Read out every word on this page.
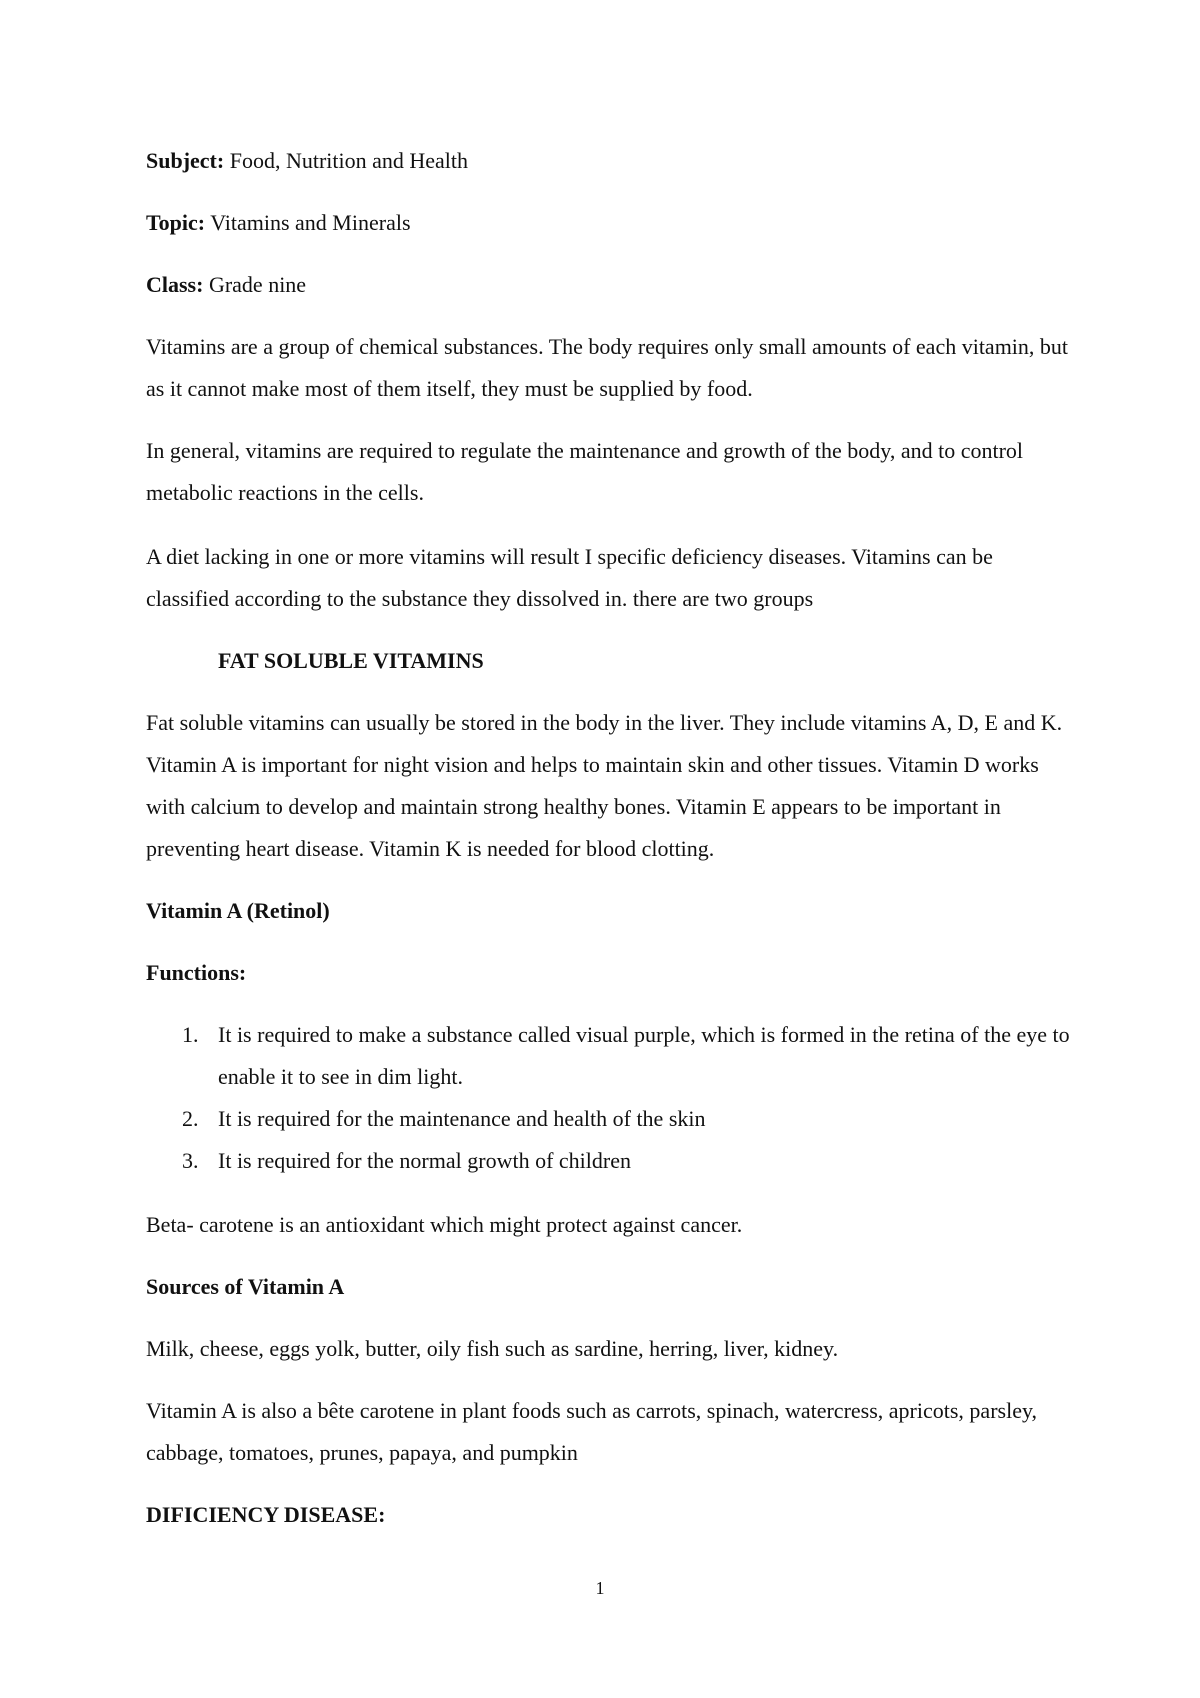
Subject: Food, Nutrition and Health
Topic: Vitamins and Minerals
Class: Grade nine

Vitamins are a group of chemical substances. The body requires only small amounts of each vitamin, but as it cannot make most of them itself, they must be supplied by food.

In general, vitamins are required to regulate the maintenance and growth of the body, and to control metabolic reactions in the cells.

A diet lacking in one or more vitamins will result I specific deficiency diseases. Vitamins can be classified according to the substance they dissolved in. there are two groups

FAT SOLUBLE VITAMINS

Fat soluble vitamins can usually be stored in the body in the liver. They include vitamins A, D, E and K. Vitamin A is important for night vision and helps to maintain skin and other tissues. Vitamin D works with calcium to develop and maintain strong healthy bones. Vitamin E appears to be important in preventing heart disease. Vitamin K is needed for blood clotting.

Vitamin A (Retinol)
Functions:
1. It is required to make a substance called visual purple, which is formed in the retina of the eye to enable it to see in dim light.
2. It is required for the maintenance and health of the skin
3. It is required for the normal growth of children
Beta- carotene is an antioxidant which might protect against cancer.
Sources of Vitamin A
Milk, cheese, eggs yolk, butter, oily fish such as sardine, herring, liver, kidney.

Vitamin A is also a bête carotene in plant foods such as carrots, spinach, watercress, apricots, parsley, cabbage, tomatoes, prunes, papaya, and pumpkin

DIFICIENCY DISEASE:
1
